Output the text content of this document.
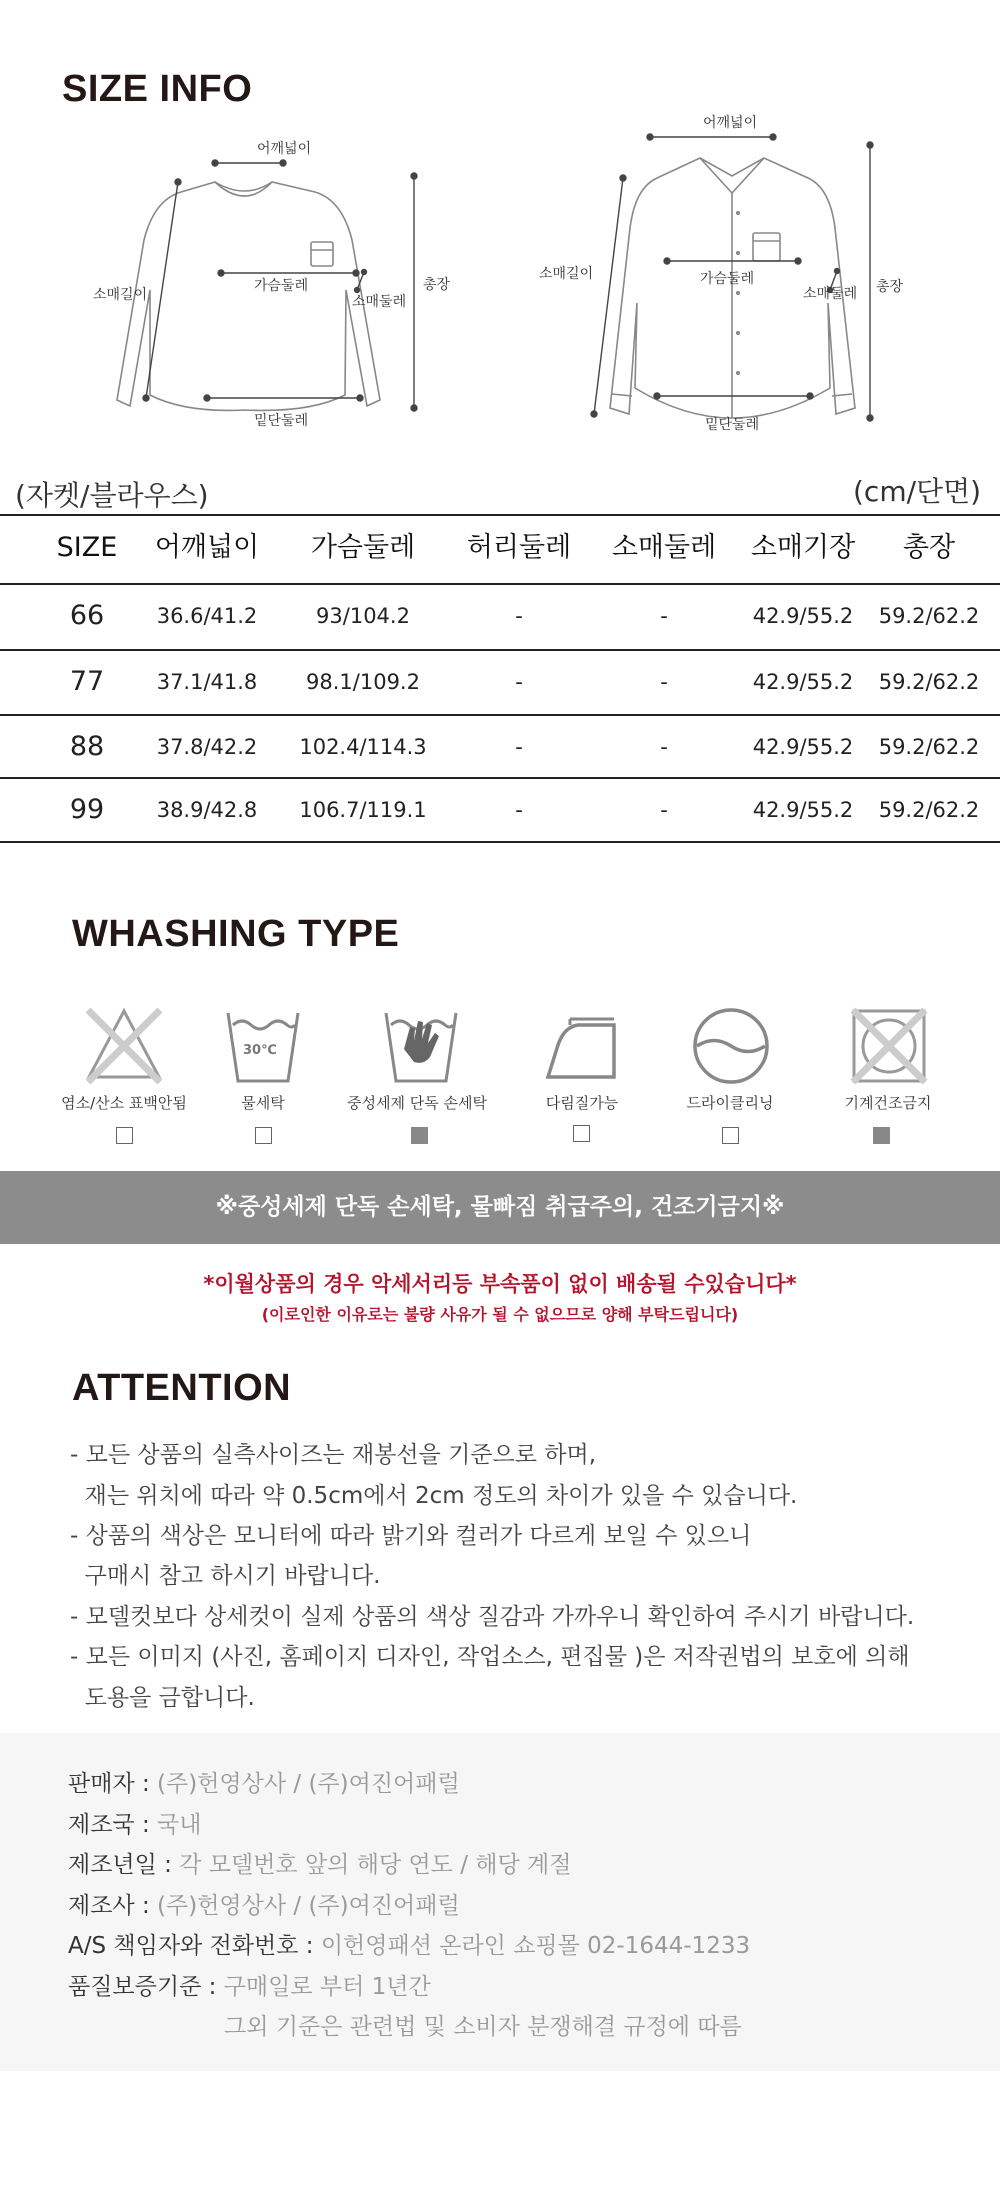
SIZE INFO
어깨넓이
소매길이
가슴둘레
소매둘레
총장
밑단둘레
어깨넓이
소매길이	가슴둘레
소매둘레 총장
밑단둘레
(자켓/블라우스)	(cm/단면)
SIZE	어깨넓이	가슴둘레	허리둘레	소매둘레	소매기장	총장
66	36.6/41.2	93/104.2	-	-	42.9/55.2	59.2/62.2
77	37.1/41.8	98.1/109.2	-	-	42.9/55.2	59.2/62.2
88	37.8/42.2	102.4/114.3	-	-	42.9/55.2	59.2/62.2
99	38.9/42.8	106.7/119.1	-	-	42.9/55.2	59.2/62.2
WHASHING TYPE
30℃
염소/산소 표백안됨	물세탁	중성세제 단독 손세탁	다림질가능	드라이클리닝	기계건조금지
※중성세제 단독 손세탁, 물빠짐 취급주의, 건조기금지※
*이월상품의 경우 악세서리등 부속품이 없이 배송될 수있습니다*
(이로인한 이유로는 불량 사유가 될 수 없으므로 양해 부탁드립니다)
ATTENTION
- 모든 상품의 실측사이즈는 재봉선을 기준으로 하며,
재는 위치에 따라 약 0.5cm에서 2cm 정도의 차이가 있을 수 있습니다.
- 상품의 색상은 모니터에 따라 밝기와 컬러가 다르게 보일 수 있으니
구매시 참고 하시기 바랍니다.
- 모델컷보다 상세컷이 실제 상품의 색상 질감과 가까우니 확인하여 주시기 바랍니다.
- 모든 이미지 (사진, 홈페이지 디자인, 작업소스, 편집물 )은 저작권법의 보호에 의해
도용을 금합니다.
판매자 : (주)헌영상사 / (주)여진어패럴
제조국 : 국내
제조년일 : 각 모델번호 앞의 해당 연도 / 해당 계절
제조사 : (주)헌영상사 / (주)여진어패럴
A/S 책임자와 전화번호 : 이헌영패션 온라인 쇼핑몰 02-1644-1233
품질보증기준 : 구매일로 부터 1년간
그외 기준은 관련법 및 소비자 분쟁해결 규정에 따름
